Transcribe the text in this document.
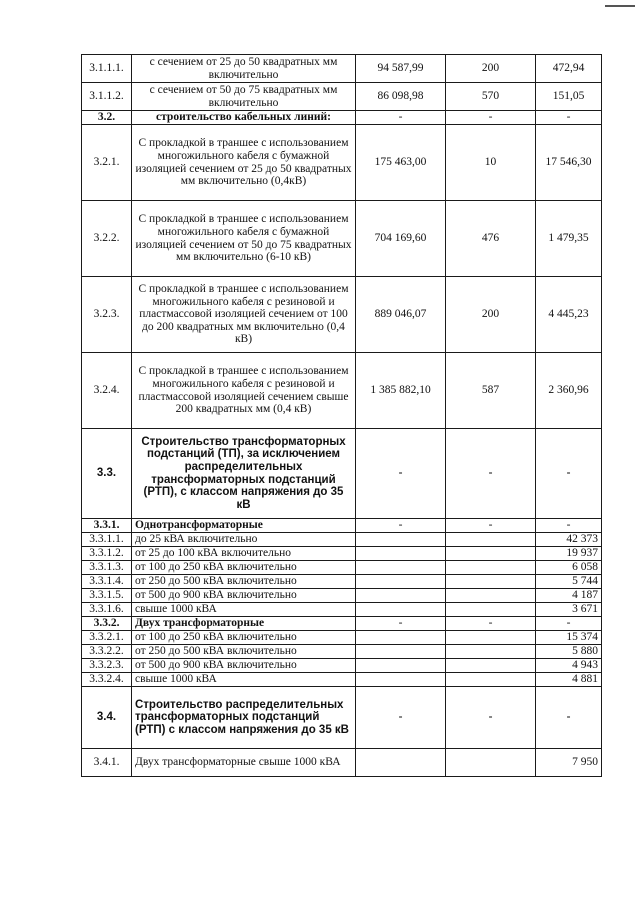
3.1.1.1.	с сечением от 25 до 50 квадратных мм включительно	94 587,99	200	472,94
3.1.1.2.	с сечением от 50 до 75 квадратных мм включительно	86 098,98	570	151,05
3.2.	строительство кабельных линий:	-	-	-
3.2.1.	С прокладкой в траншее с использованием многожильного кабеля с бумажной изоляцией сечением от 25 до 50 квадратных мм включительно (0,4кВ)	175 463,00	10	17 546,30
3.2.2.	С прокладкой в траншее с использованием многожильного кабеля с бумажной изоляцией сечением от 50 до 75 квадратных мм включительно (6-10 кВ)	704 169,60	476	1 479,35
3.2.3.	С прокладкой в траншее с использованием многожильного кабеля с резиновой и пластмассовой изоляцией сечением от 100 до 200 квадратных мм включительно (0,4 кВ)	889 046,07	200	4 445,23
3.2.4.	С прокладкой в траншее с использованием многожильного кабеля с резиновой и пластмассовой изоляцией сечением свыше 200 квадратных мм (0,4 кВ)	1 385 882,10	587	2 360,96
3.3.	Строительство трансформаторных подстанций (ТП), за исключением распределительных трансформаторных подстанций (РТП), с классом напряжения до 35 кВ	-	-	-
3.3.1.	Однотрансформаторные	-	-	-
3.3.1.1.	до 25 кВА включительно			42 373
3.3.1.2.	от 25 до 100 кВА включительно			19 937
3.3.1.3.	от 100 до 250 кВА включительно			6 058
3.3.1.4.	от 250 до 500 кВА включительно			5 744
3.3.1.5.	от 500 до 900 кВА включительно			4 187
3.3.1.6.	свыше 1000 кВА			3 671
3.3.2.	Двух трансформаторные	-	-	-
3.3.2.1.	от 100 до 250 кВА включительно			15 374
3.3.2.2.	от 250 до 500 кВА включительно			5 880
3.3.2.3.	от 500 до 900 кВА включительно			4 943
3.3.2.4.	свыше 1000 кВА			4 881
3.4.	Строительство распределительных трансформаторных подстанций (РТП) с классом напряжения до 35 кВ	-	-	-
3.4.1.	Двух трансформаторные свыше 1000 кВА			7 950
